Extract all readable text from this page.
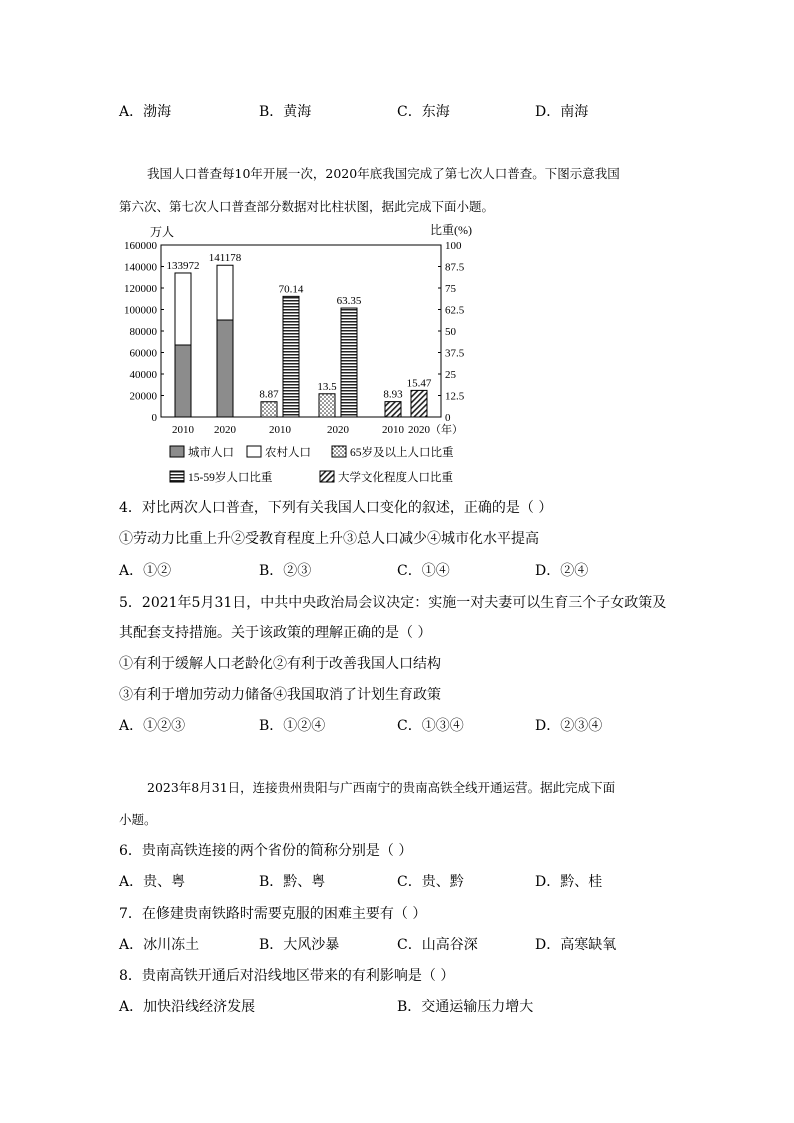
A．渤海	B．黄海	C．东海	D．南海
我国人口普查每10年开展一次，2020年底我国完成了第七次人口普查。下图示意我国
第六次、第七次人口普查部分数据对比柱状图，据此完成下面小题。
万人	比重(%)
160000
140000
120000
100000
80000
60000
40000
20000
0
100
87.5
75
62.5
50
37.5
25
12.5
0
133972
141178
8.87
70.14
13.5
63.35
8.93
15.47
2010 2020	2010	2020	2010 2020 （年）
城市人口	农村人口	65岁及以上人口比重
15-59岁人口比重	大学文化程度人口比重
4．对比两次人口普查，下列有关我国人口变化的叙述，正确的是（ ）
①劳动力比重上升②受教育程度上升③总人口减少④城市化水平提高
A．①②	B．②③	C．①④	D．②④
5．2021年5月31日，中共中央政治局会议决定：实施一对夫妻可以生育三个子女政策及
其配套支持措施。关于该政策的理解正确的是（ ）
①有利于缓解人口老龄化②有利于改善我国人口结构
③有利于增加劳动力储备④我国取消了计划生育政策
A．①②③	B．①②④	C．①③④	D．②③④
2023年8月31日，连接贵州贵阳与广西南宁的贵南高铁全线开通运营。据此完成下面
小题。
6．贵南高铁连接的两个省份的简称分别是（ ）
A．贵、粤	B．黔、粤	C．贵、黔	D．黔、桂
7．在修建贵南铁路时需要克服的困难主要有（ ）
A．冰川冻土	B．大风沙暴	C．山高谷深	D．高寒缺氧
8．贵南高铁开通后对沿线地区带来的有利影响是（ ）
A．加快沿线经济发展	B．交通运输压力增大
